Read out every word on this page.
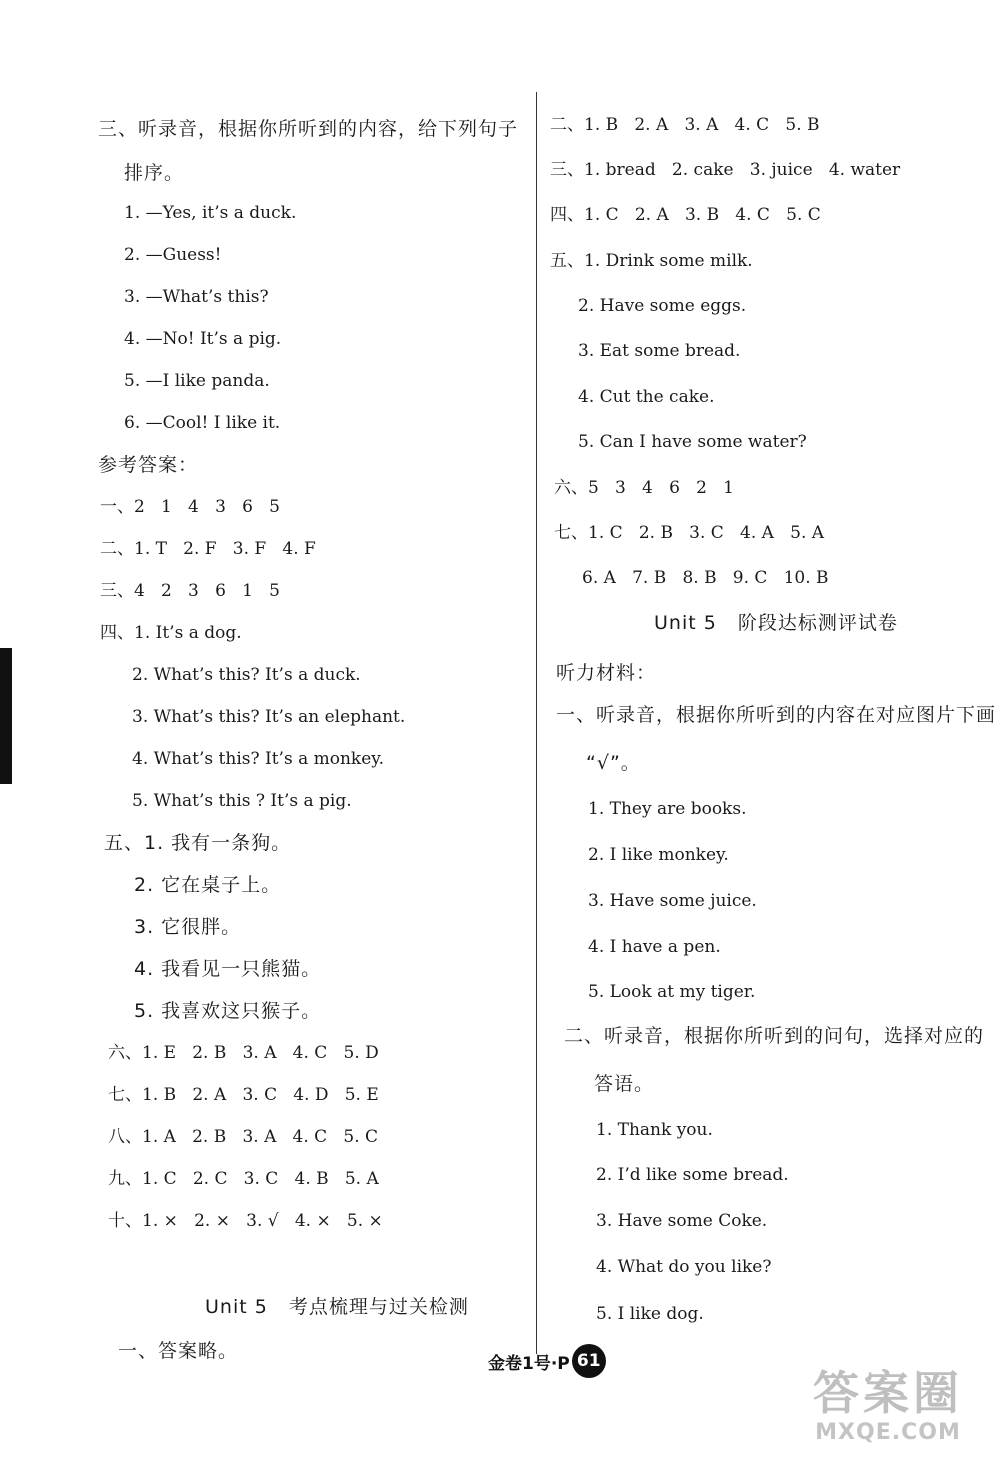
三、听录音，根据你所听到的内容，给下列句子
排序。
1. —Yes, it’s a duck.
2. —Guess!
3. —What’s this?
4. —No! It’s a pig.
5. —I like panda.
6. —Cool! I like it.
参考答案：
一、2   1   4   3   6   5
二、1. T   2. F   3. F   4. F
三、4   2   3   6   1   5
四、1. It’s a dog.
2. What’s this? It’s a duck.
3. What’s this? It’s an elephant.
4. What’s this? It’s a monkey.
5. What’s this ? It’s a pig.
五、1. 我有一条狗。
2. 它在桌子上。
3. 它很胖。
4. 我看见一只熊猫。
5. 我喜欢这只猴子。
六、1. E   2. B   3. A   4. C   5. D
七、1. B   2. A   3. C   4. D   5. E
八、1. A   2. B   3. A   4. C   5. C
九、1. C   2. C   3. C   4. B   5. A
十、1. ×   2. ×   3. √   4. ×   5. ×
Unit 5   考点梳理与过关检测
一、答案略。
二、1. B   2. A   3. A   4. C   5. B
三、1. bread   2. cake   3. juice   4. water
四、1. C   2. A   3. B   4. C   5. C
五、1. Drink some milk.
2. Have some eggs.
3. Eat some bread.
4. Cut the cake.
5. Can I have some water?
六、5   3   4   6   2   1
七、1. C   2. B   3. C   4. A   5. A
6. A   7. B   8. B   9. C   10. B
Unit 5   阶段达标测评试卷
听力材料：
一、听录音，根据你所听到的内容在对应图片下画
“√”。
1. They are books.
2. I like monkey.
3. Have some juice.
4. I have a pen.
5. Look at my tiger.
二、听录音，根据你所听到的问句，选择对应的
答语。
1. Thank you.
2. I’d like some bread.
3. Have some Coke.
4. What do you like?
5. I like dog.
金卷1号·P 61
答案圈
MXQE.COM
